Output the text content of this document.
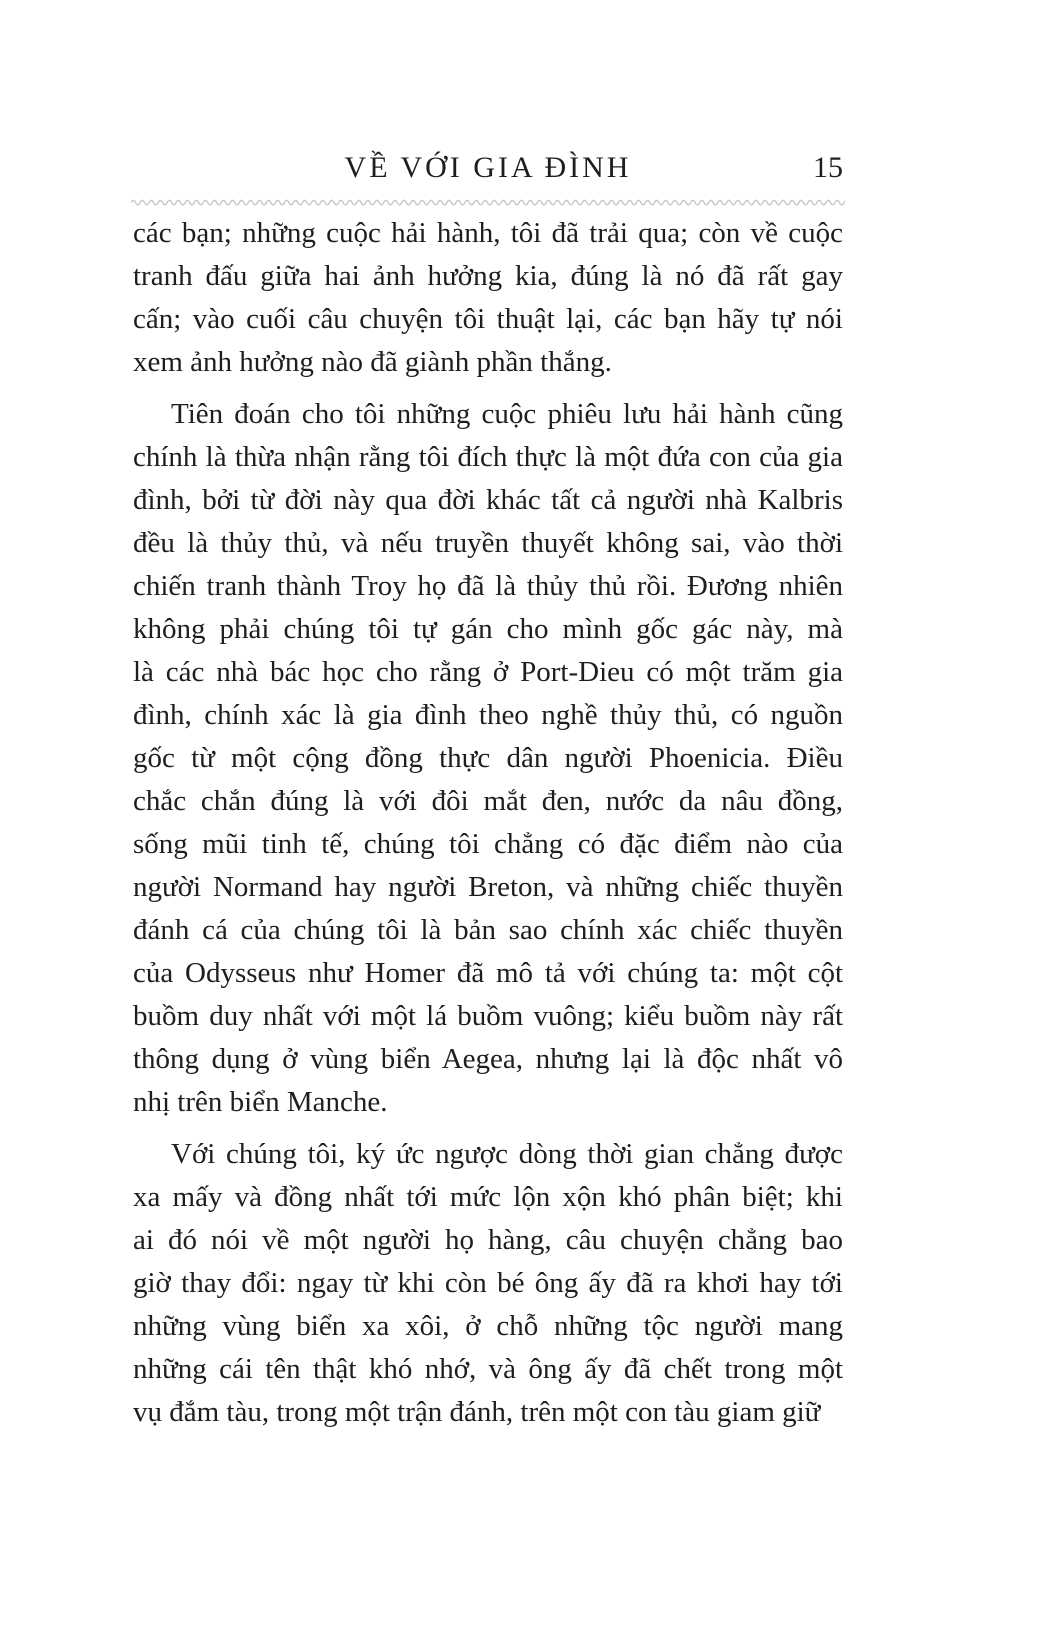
VỀ VỚI GIA ĐÌNH	15
các bạn; những cuộc hải hành, tôi đã trải qua; còn về cuộc
tranh đấu giữa hai ảnh hưởng kia, đúng là nó đã rất gay
cấn; vào cuối câu chuyện tôi thuật lại, các bạn hãy tự nói
xem ảnh hưởng nào đã giành phần thắng.
Tiên đoán cho tôi những cuộc phiêu lưu hải hành cũng
chính là thừa nhận rằng tôi đích thực là một đứa con của gia
đình, bởi từ đời này qua đời khác tất cả người nhà Kalbris
đều là thủy thủ, và nếu truyền thuyết không sai, vào thời
chiến tranh thành Troy họ đã là thủy thủ rồi. Đương nhiên
không phải chúng tôi tự gán cho mình gốc gác này, mà
là các nhà bác học cho rằng ở Port-Dieu có một trăm gia
đình, chính xác là gia đình theo nghề thủy thủ, có nguồn
gốc từ một cộng đồng thực dân người Phoenicia. Điều
chắc chắn đúng là với đôi mắt đen, nước da nâu đồng,
sống mũi tinh tế, chúng tôi chẳng có đặc điểm nào của
người Normand hay người Breton, và những chiếc thuyền
đánh cá của chúng tôi là bản sao chính xác chiếc thuyền
của Odysseus như Homer đã mô tả với chúng ta: một cột
buồm duy nhất với một lá buồm vuông; kiểu buồm này rất
thông dụng ở vùng biển Aegea, nhưng lại là độc nhất vô
nhị trên biển Manche.
Với chúng tôi, ký ức ngược dòng thời gian chẳng được
xa mấy và đồng nhất tới mức lộn xộn khó phân biệt; khi
ai đó nói về một người họ hàng, câu chuyện chẳng bao
giờ thay đổi: ngay từ khi còn bé ông ấy đã ra khơi hay tới
những vùng biển xa xôi, ở chỗ những tộc người mang
những cái tên thật khó nhớ, và ông ấy đã chết trong một
vụ đắm tàu, trong một trận đánh, trên một con tàu giam giữ
